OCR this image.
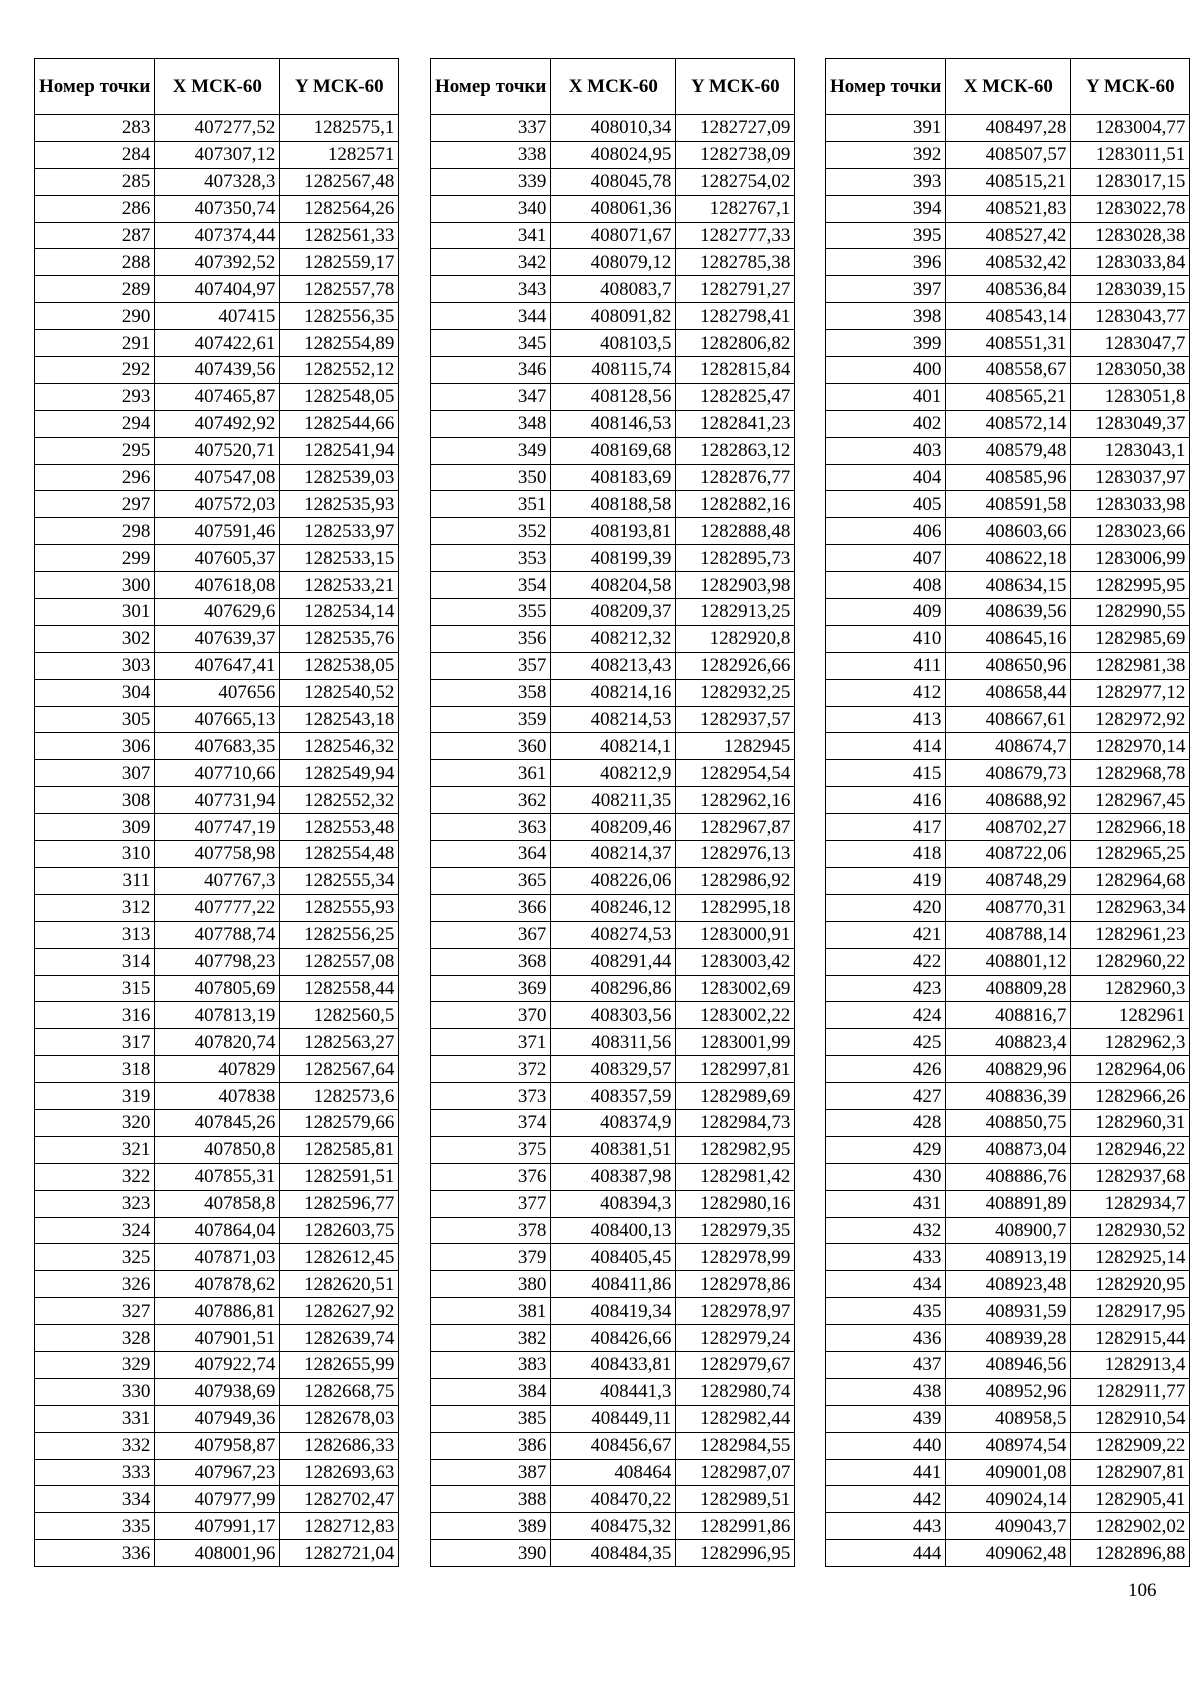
Номер точки	X МСК-60	Y МСК-60
283	407277,52	1282575,1
284	407307,12	1282571
285	407328,3	1282567,48
286	407350,74	1282564,26
287	407374,44	1282561,33
288	407392,52	1282559,17
289	407404,97	1282557,78
290	407415	1282556,35
291	407422,61	1282554,89
292	407439,56	1282552,12
293	407465,87	1282548,05
294	407492,92	1282544,66
295	407520,71	1282541,94
296	407547,08	1282539,03
297	407572,03	1282535,93
298	407591,46	1282533,97
299	407605,37	1282533,15
300	407618,08	1282533,21
301	407629,6	1282534,14
302	407639,37	1282535,76
303	407647,41	1282538,05
304	407656	1282540,52
305	407665,13	1282543,18
306	407683,35	1282546,32
307	407710,66	1282549,94
308	407731,94	1282552,32
309	407747,19	1282553,48
310	407758,98	1282554,48
311	407767,3	1282555,34
312	407777,22	1282555,93
313	407788,74	1282556,25
314	407798,23	1282557,08
315	407805,69	1282558,44
316	407813,19	1282560,5
317	407820,74	1282563,27
318	407829	1282567,64
319	407838	1282573,6
320	407845,26	1282579,66
321	407850,8	1282585,81
322	407855,31	1282591,51
323	407858,8	1282596,77
324	407864,04	1282603,75
325	407871,03	1282612,45
326	407878,62	1282620,51
327	407886,81	1282627,92
328	407901,51	1282639,74
329	407922,74	1282655,99
330	407938,69	1282668,75
331	407949,36	1282678,03
332	407958,87	1282686,33
333	407967,23	1282693,63
334	407977,99	1282702,47
335	407991,17	1282712,83
336	408001,96	1282721,04
Номер точки	X МСК-60	Y МСК-60
337	408010,34	1282727,09
338	408024,95	1282738,09
339	408045,78	1282754,02
340	408061,36	1282767,1
341	408071,67	1282777,33
342	408079,12	1282785,38
343	408083,7	1282791,27
344	408091,82	1282798,41
345	408103,5	1282806,82
346	408115,74	1282815,84
347	408128,56	1282825,47
348	408146,53	1282841,23
349	408169,68	1282863,12
350	408183,69	1282876,77
351	408188,58	1282882,16
352	408193,81	1282888,48
353	408199,39	1282895,73
354	408204,58	1282903,98
355	408209,37	1282913,25
356	408212,32	1282920,8
357	408213,43	1282926,66
358	408214,16	1282932,25
359	408214,53	1282937,57
360	408214,1	1282945
361	408212,9	1282954,54
362	408211,35	1282962,16
363	408209,46	1282967,87
364	408214,37	1282976,13
365	408226,06	1282986,92
366	408246,12	1282995,18
367	408274,53	1283000,91
368	408291,44	1283003,42
369	408296,86	1283002,69
370	408303,56	1283002,22
371	408311,56	1283001,99
372	408329,57	1282997,81
373	408357,59	1282989,69
374	408374,9	1282984,73
375	408381,51	1282982,95
376	408387,98	1282981,42
377	408394,3	1282980,16
378	408400,13	1282979,35
379	408405,45	1282978,99
380	408411,86	1282978,86
381	408419,34	1282978,97
382	408426,66	1282979,24
383	408433,81	1282979,67
384	408441,3	1282980,74
385	408449,11	1282982,44
386	408456,67	1282984,55
387	408464	1282987,07
388	408470,22	1282989,51
389	408475,32	1282991,86
390	408484,35	1282996,95
Номер точки	X МСК-60	Y МСК-60
391	408497,28	1283004,77
392	408507,57	1283011,51
393	408515,21	1283017,15
394	408521,83	1283022,78
395	408527,42	1283028,38
396	408532,42	1283033,84
397	408536,84	1283039,15
398	408543,14	1283043,77
399	408551,31	1283047,7
400	408558,67	1283050,38
401	408565,21	1283051,8
402	408572,14	1283049,37
403	408579,48	1283043,1
404	408585,96	1283037,97
405	408591,58	1283033,98
406	408603,66	1283023,66
407	408622,18	1283006,99
408	408634,15	1282995,95
409	408639,56	1282990,55
410	408645,16	1282985,69
411	408650,96	1282981,38
412	408658,44	1282977,12
413	408667,61	1282972,92
414	408674,7	1282970,14
415	408679,73	1282968,78
416	408688,92	1282967,45
417	408702,27	1282966,18
418	408722,06	1282965,25
419	408748,29	1282964,68
420	408770,31	1282963,34
421	408788,14	1282961,23
422	408801,12	1282960,22
423	408809,28	1282960,3
424	408816,7	1282961
425	408823,4	1282962,3
426	408829,96	1282964,06
427	408836,39	1282966,26
428	408850,75	1282960,31
429	408873,04	1282946,22
430	408886,76	1282937,68
431	408891,89	1282934,7
432	408900,7	1282930,52
433	408913,19	1282925,14
434	408923,48	1282920,95
435	408931,59	1282917,95
436	408939,28	1282915,44
437	408946,56	1282913,4
438	408952,96	1282911,77
439	408958,5	1282910,54
440	408974,54	1282909,22
441	409001,08	1282907,81
442	409024,14	1282905,41
443	409043,7	1282902,02
444	409062,48	1282896,88
106
